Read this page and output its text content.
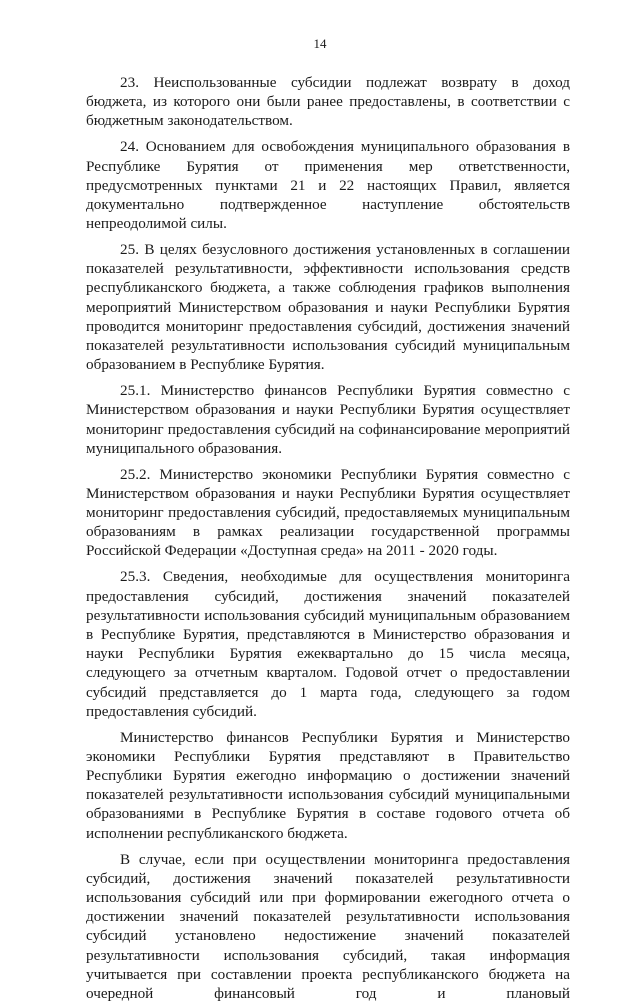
14

23. Неиспользованные субсидии подлежат возврату в доход бюджета, из которого они были ранее предоставлены, в соответствии с бюджетным законодательством.

24. Основанием для освобождения муниципального образования в Республике Бурятия от применения мер ответственности, предусмотренных пунктами 21 и 22 настоящих Правил, является документально подтвержденное наступление обстоятельств непреодолимой силы.

25. В целях безусловного достижения установленных в соглашении показателей результативности, эффективности использования средств республиканского бюджета, а также соблюдения графиков выполнения мероприятий Министерством образования и науки Республики Бурятия проводится мониторинг предоставления субсидий, достижения значений показателей результативности использования субсидий муниципальным образованием в Республике Бурятия.

25.1. Министерство финансов Республики Бурятия совместно с Министерством образования и науки Республики Бурятия осуществляет мониторинг предоставления субсидий на софинансирование мероприятий муниципального образования.

25.2. Министерство экономики Республики Бурятия совместно с Министерством образования и науки Республики Бурятия осуществляет мониторинг предоставления субсидий, предоставляемых муниципальным образованиям в рамках реализации государственной программы Российской Федерации «Доступная среда» на 2011 - 2020 годы.

25.3. Сведения, необходимые для осуществления мониторинга предоставления субсидий, достижения значений показателей результативности использования субсидий муниципальным образованием в Республике Бурятия, представляются в Министерство образования и науки Республики Бурятия ежеквартально до 15 числа месяца, следующего за отчетным кварталом. Годовой отчет о предоставлении субсидий представляется до 1 марта года, следующего за годом предоставления субсидий.

Министерство финансов Республики Бурятия и Министерство экономики Республики Бурятия представляют в Правительство Республики Бурятия ежегодно информацию о достижении значений показателей результативности использования субсидий муниципальными образованиями в Республике Бурятия в составе годового отчета об исполнении республиканского бюджета.

В случае, если при осуществлении мониторинга предоставления субсидий, достижения значений показателей результативности использования субсидий или при формировании ежегодного отчета о достижении значений показателей результативности использования субсидий установлено недостижение значений показателей результативности использования субсидий, такая информация учитывается при составлении проекта республиканского бюджета на очередной финансовый год и плановый
